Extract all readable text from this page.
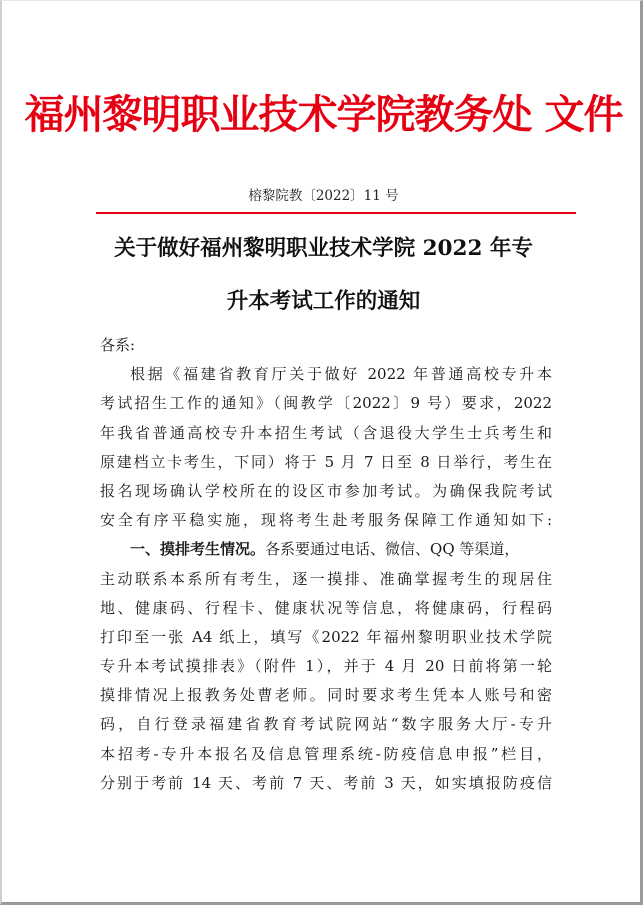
福州黎明职业技术学院教务处 文件
榕黎院教〔2022〕11 号
关于做好福州黎明职业技术学院 2022 年专
升本考试工作的通知
各系:
根据《福建省教育厅关于做好 2022 年普通高校专升本
考试招生工作的通知》（闽教学〔2022〕9 号）要求，2022
年我省普通高校专升本招生考试（含退役大学生士兵考生和
原建档立卡考生，下同）将于 5 月 7 日至 8 日举行，考生在
报名现场确认学校所在的设区市参加考试。为确保我院考试
安全有序平稳实施，现将考生赴考服务保障工作通知如下:
一、摸排考生情况。各系要通过电话、微信、QQ 等渠道，
主动联系本系所有考生，逐一摸排、准确掌握考生的现居住
地、健康码、行程卡、健康状况等信息，将健康码，行程码
打印至一张 A4 纸上，填写《2022 年福州黎明职业技术学院
专升本考试摸排表》（附件 1），并于 4 月 20 日前将第一轮
摸排情况上报教务处曹老师。同时要求考生凭本人账号和密
码，自行登录福建省教育考试院网站“数字服务大厅-专升
本招考-专升本报名及信息管理系统-防疫信息申报”栏目，
分别于考前 14 天、考前 7 天、考前 3 天，如实填报防疫信
